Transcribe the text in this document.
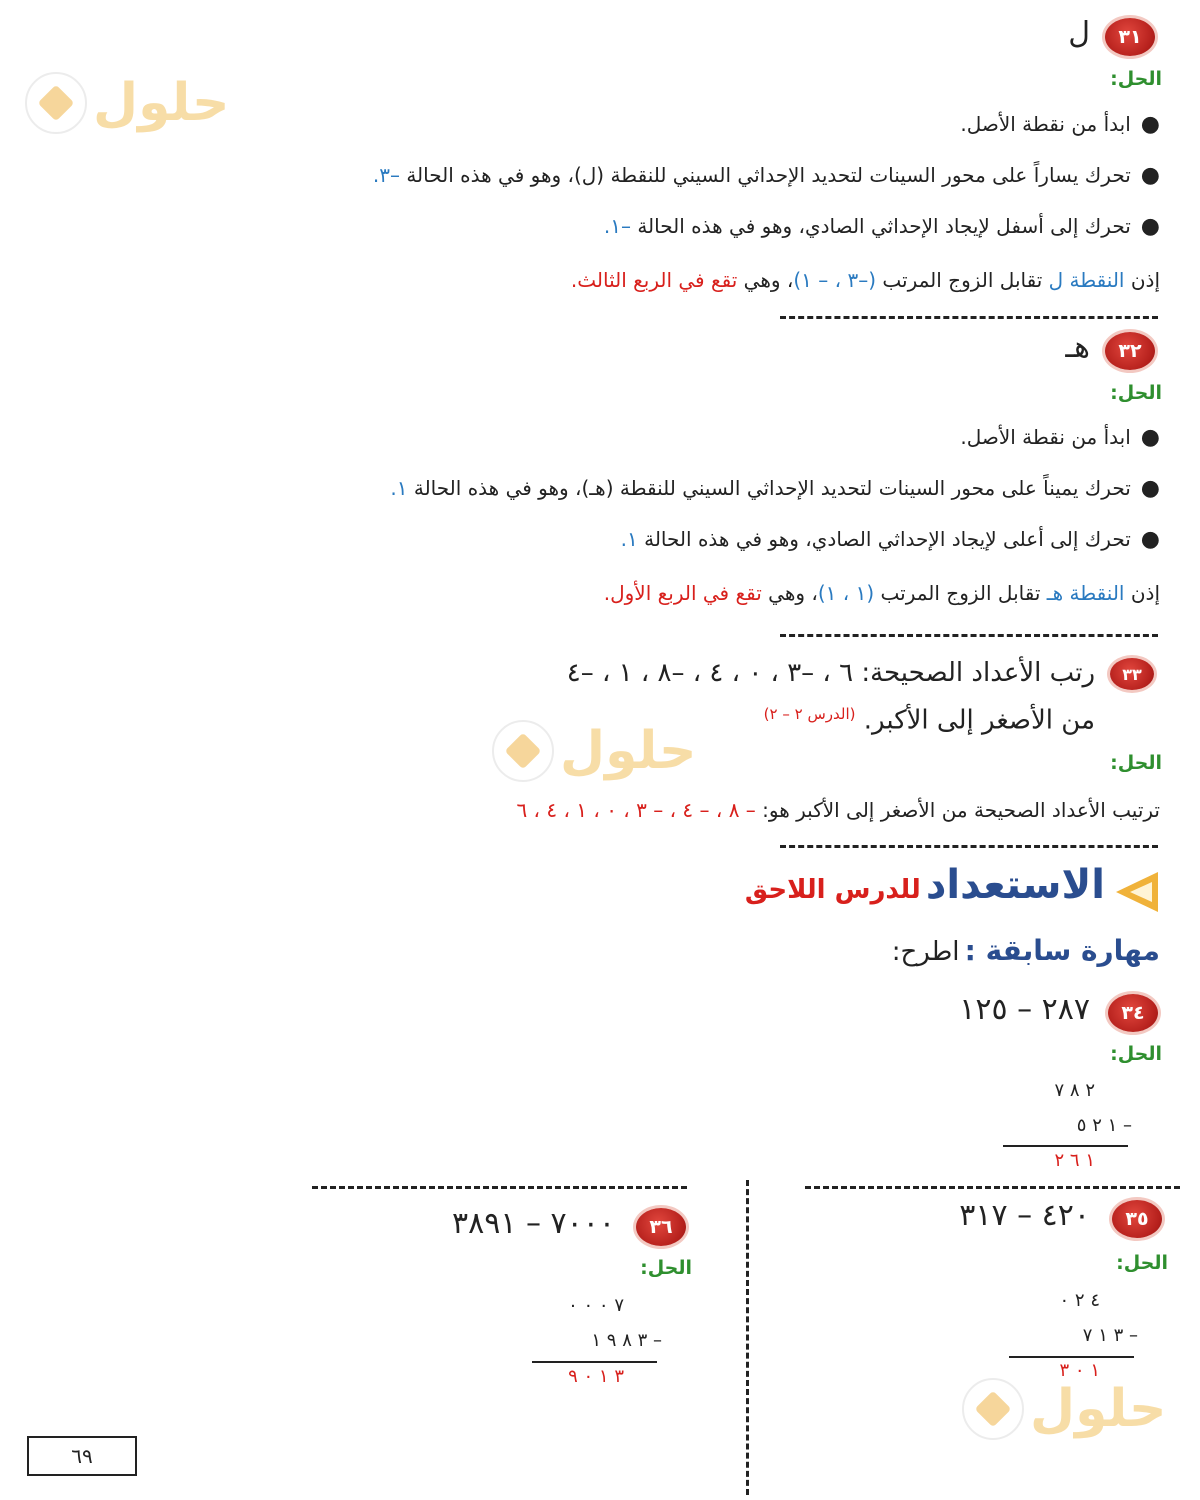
حلول
حلول
حلول
٣١
ل
الحل:
●ابدأ من نقطة الأصل.
●تحرك يساراً على محور السينات لتحديد الإحداثي السيني للنقطة (ل)، وهو في هذه الحالة –٣.
●تحرك إلى أسفل لإيجاد الإحداثي الصادي، وهو في هذه الحالة –١.
إذن النقطة ل تقابل الزوج المرتب (–٣ ، – ١)، وهي تقع في الربع الثالث.
٣٢
هـ
الحل:
●ابدأ من نقطة الأصل.
●تحرك يميناً على محور السينات لتحديد الإحداثي السيني للنقطة (هـ)، وهو في هذه الحالة ١.
●تحرك إلى أعلى لإيجاد الإحداثي الصادي، وهو في هذه الحالة ١.
إذن النقطة هـ تقابل الزوج المرتب (١ ، ١)، وهي تقع في الربع الأول.
٣٣
رتب الأعداد الصحيحة: ٦ ، –٣ ، ٠ ، ٤ ، –٨ ، ١ ، –٤
من الأصغر إلى الأكبر. $^{(الدرس ٢ - ٢)}$
الحل:
ترتيب الأعداد الصحيحة من الأصغر إلى الأكبر هو: – ٨ ، – ٤ ، – ٣ ، ٠ ، ١ ، ٤ ، ٦
الاستعداد للدرس اللاحق
مهارة سابقة : اطرح:
٣٤
٢٨٧ – ١٢٥
الحل:
٢ ٨ ٧
١ ٢ ٥ –
١ ٦ ٢
٣٥
٤٢٠ – ٣١٧
الحل:
٤ ٢ ٠
٣ ١ ٧ –
١ ٠ ٣
٣٦
٧٠٠٠ – ٣٨٩١
الحل:
٧ ٠ ٠ ٠
٣ ٨ ٩ ١ –
٣ ١ ٠ ٩
٦٩
